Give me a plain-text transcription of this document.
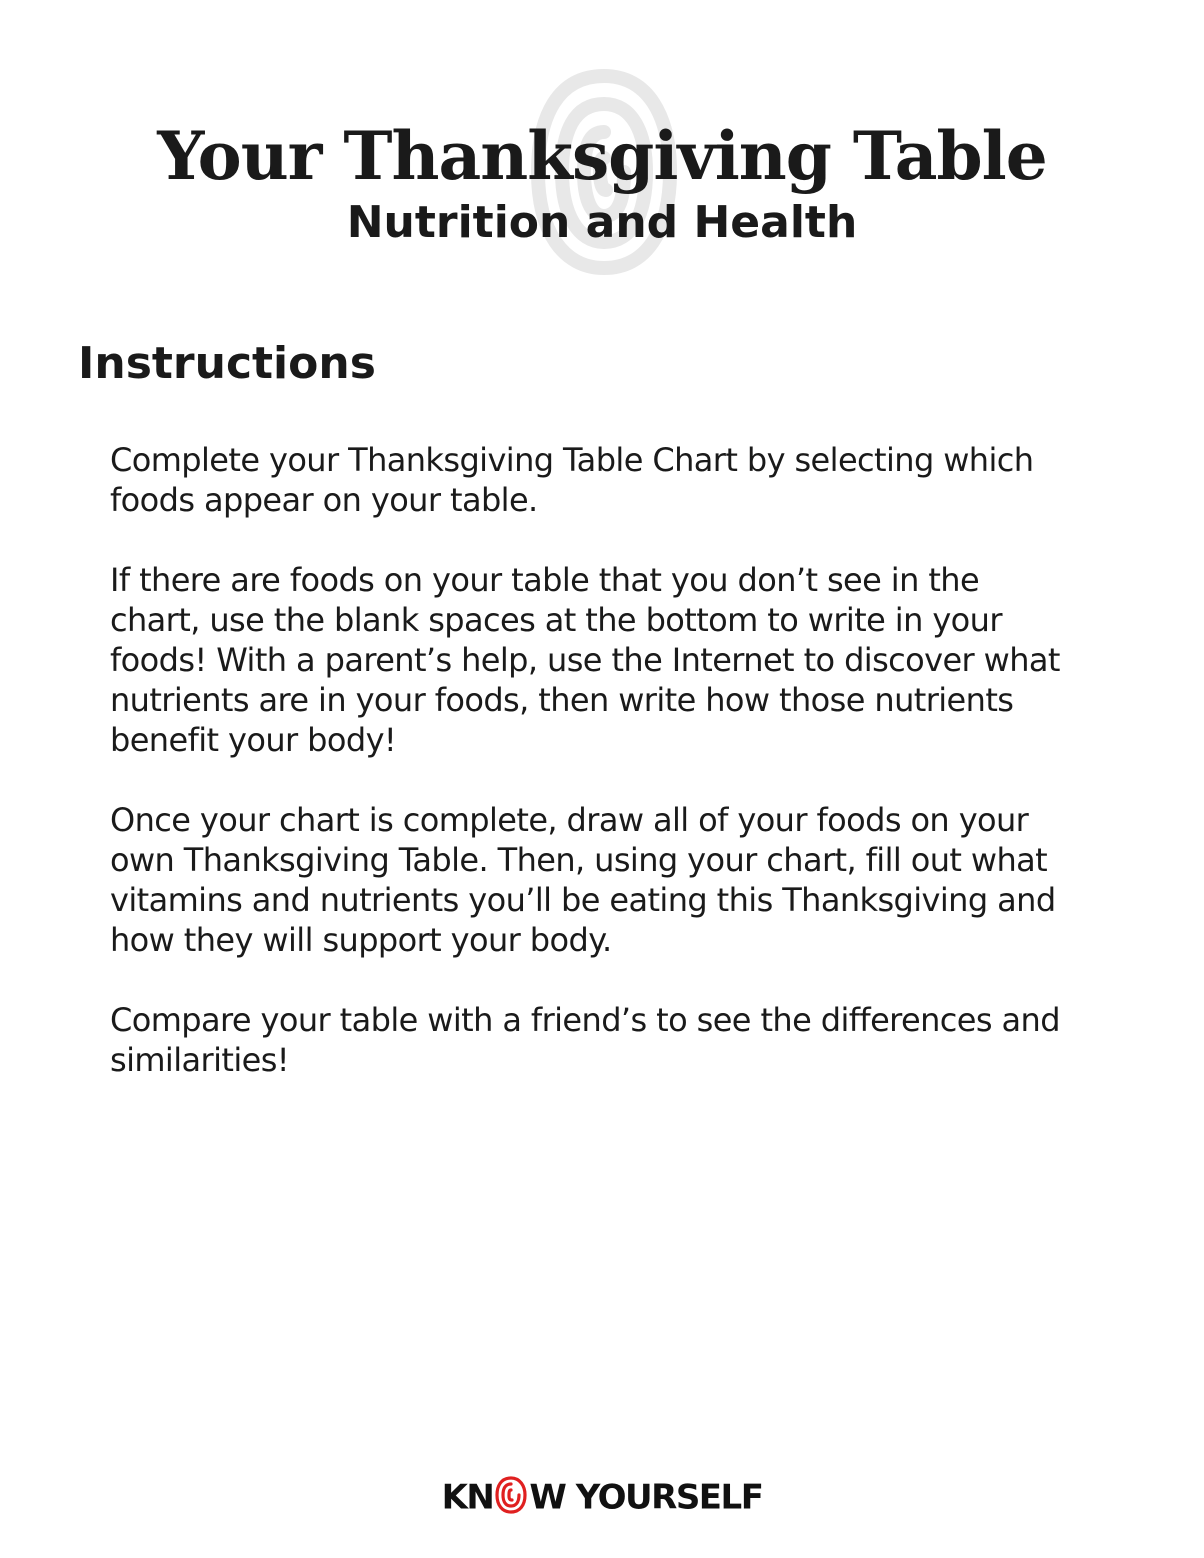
Your Thanksgiving Table
Nutrition and Health
Instructions

Complete your Thanksgiving Table Chart by selecting which foods appear on your table.

If there are foods on your table that you don’t see in the chart, use the blank spaces at the bottom to write in your foods! With a parent’s help, use the Internet to discover what nutrients are in your foods, then write how those nutrients benefit your body!

Once your chart is complete, draw all of your foods on your own Thanksgiving Table. Then, using your chart, fill out what vitamins and nutrients you’ll be eating this Thanksgiving and how they will support your body.

Compare your table with a friend’s to see the differences and similarities!

KN W YOURSELF
